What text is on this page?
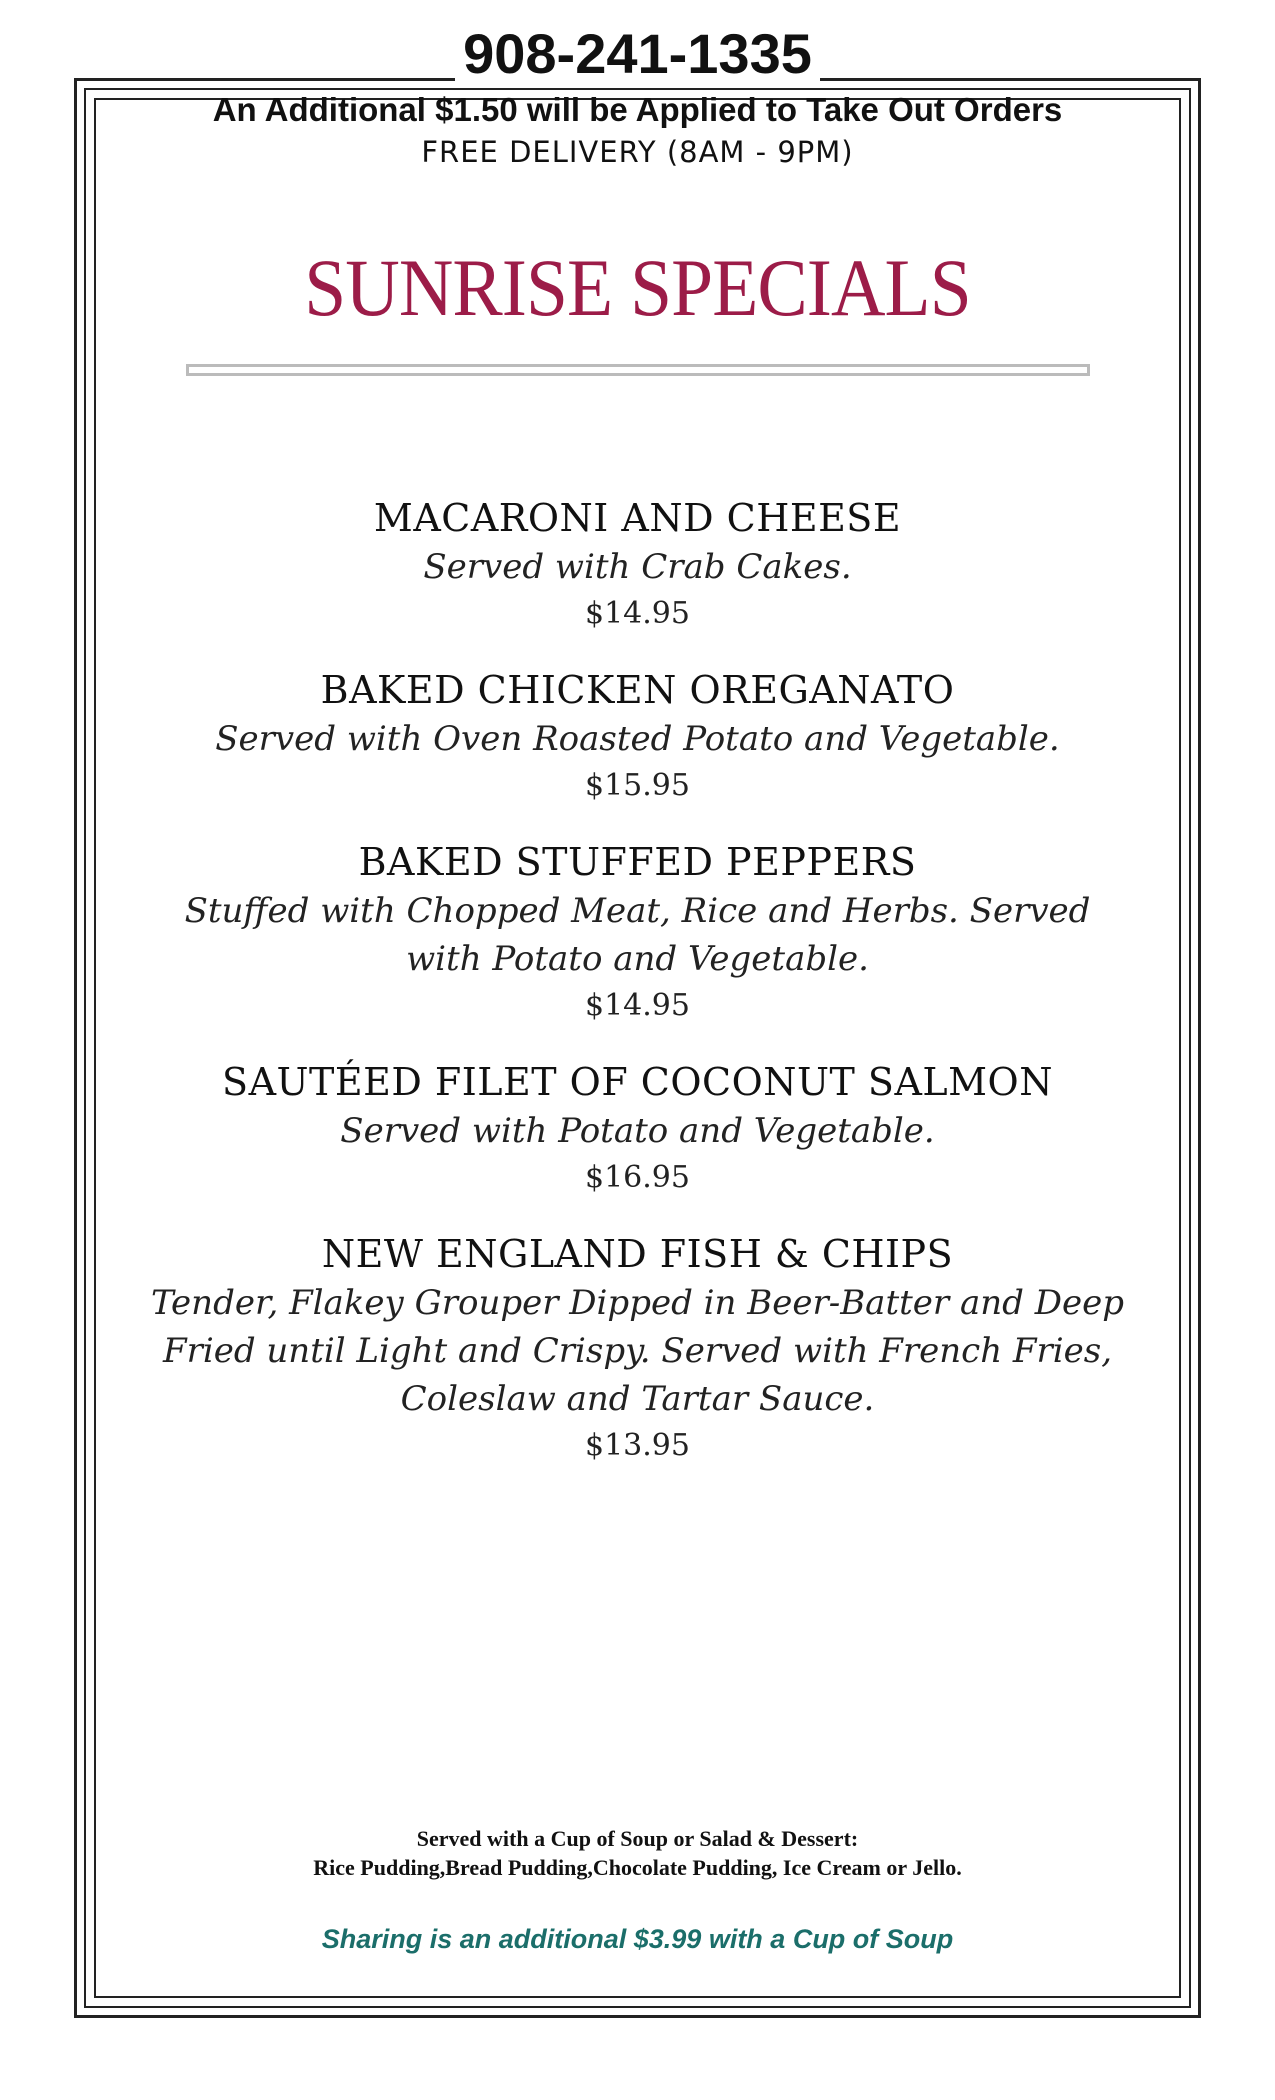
908-241-1335
An Additional $1.50 will be Applied to Take Out Orders
FREE DELIVERY (8AM - 9PM)
SUNRISE SPECIALS
MACARONI AND CHEESE
Served with Crab Cakes.
$14.95
BAKED CHICKEN OREGANATO
Served with Oven Roasted Potato and Vegetable.
$15.95
BAKED STUFFED PEPPERS
Stuffed with Chopped Meat, Rice and Herbs. Served with Potato and Vegetable.
$14.95
SAUTÉED FILET OF COCONUT SALMON
Served with Potato and Vegetable.
$16.95
NEW ENGLAND FISH & CHIPS
Tender, Flakey Grouper Dipped in Beer-Batter and Deep Fried until Light and Crispy. Served with French Fries, Coleslaw and Tartar Sauce.
$13.95
Served with a Cup of Soup or Salad & Dessert:
Rice Pudding,Bread Pudding,Chocolate Pudding, Ice Cream or Jello.
Sharing is an additional $3.99 with a Cup of Soup
